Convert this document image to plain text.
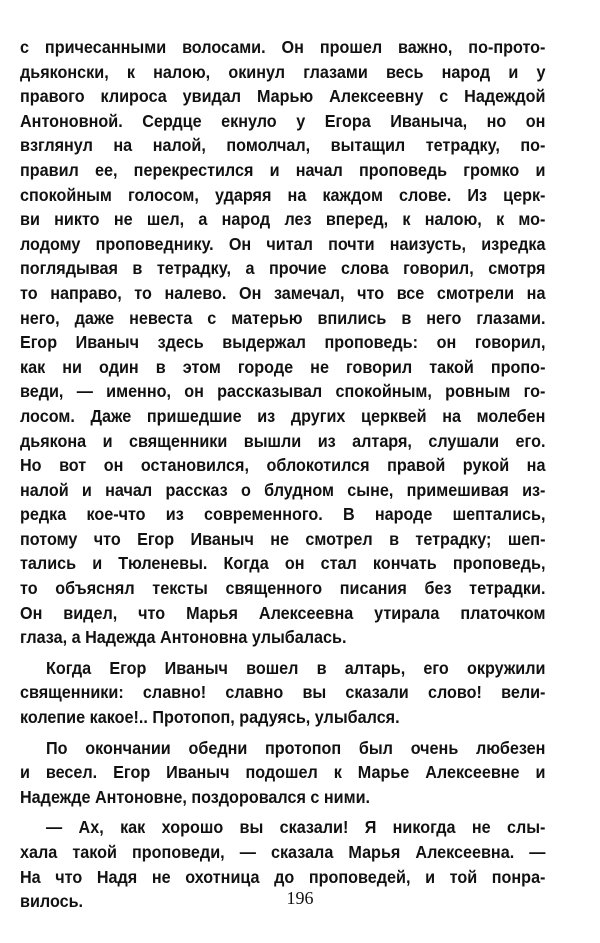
с причесанными волосами. Он прошел важно, по-прото-
дьяконски, к налою, окинул глазами весь народ и у
правого клироса увидал Марью Алексеевну с Надеждой
Антоновной. Сердце екнуло у Егора Иваныча, но он
взглянул на налой, помолчал, вытащил тетрадку, по-
правил ее, перекрестился и начал проповедь громко и
спокойным голосом, ударяя на каждом слове. Из церк-
ви никто не шел, а народ лез вперед, к налою, к мо-
лодому проповеднику. Он читал почти наизусть, изредка
поглядывая в тетрадку, а прочие слова говорил, смотря
то направо, то налево. Он замечал, что все смотрели на
него, даже невеста с матерью впились в него глазами.
Егор Иваныч здесь выдержал проповедь: он говорил,
как ни один в этом городе не говорил такой пропо-
веди, — именно, он рассказывал спокойным, ровным го-
лосом. Даже пришедшие из других церквей на молебен
дьякона и священники вышли из алтаря, слушали его.
Но вот он остановился, облокотился правой рукой на
налой и начал рассказ о блудном сыне, примешивая из-
редка кое-что из современного. В народе шептались,
потому что Егор Иваныч не смотрел в тетрадку; шеп-
тались и Тюленевы. Когда он стал кончать проповедь,
то объяснял тексты священного писания без тетрадки.
Он видел, что Марья Алексеевна утирала платочком
глаза, а Надежда Антоновна улыбалась.

Когда Егор Иваныч вошел в алтарь, его окружили
священники: славно! славно вы сказали слово! вели-
колепие какое!.. Протопоп, радуясь, улыбался.

По окончании обедни протопоп был очень любезен
и весел. Егор Иваныч подошел к Марье Алексеевне и
Надежде Антоновне, поздоровался с ними.

— Ах, как хорошо вы сказали! Я никогда не слы-
хала такой проповеди, — сказала Марья Алексеевна. —
На что Надя не охотница до проповедей, и той понра-
вилось.	196
